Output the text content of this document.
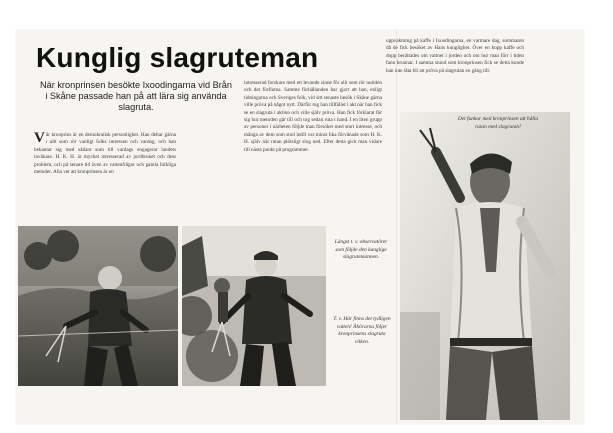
Kunglig slagruteman
När kronprinsen besökte Ixoodingarna vid Brån i Skåne passade han på att lära sig använda slagruta.

Vår kronprins är en demokratisk personlighet. Han deltar gärna i allt som rör vanligt folks intressen och vardag, och han bekantar sig med sådant som till vardags engagerar landets invånare. H. K. H. är mycket intresserad av jordbruket och dess problem, och på senare tid även av vattenfrågor och gamla folkliga metoder. Alla vet att kronprinsen är en

intresserad forskare med ett levande sinne för allt som rör nutiden och det förflutna. Samme förhållanden har gjort att han, enligt tidningarna och Sveriges folk, vid sitt senaste besök i Skåne gärna ville pröva på något nytt. Därför tog han tillfället i akt när han fick se en slagruta i aktion och ville själv pröva. Han fick förklarat för sig hur metoden går till och tog sedan ruta i hand. I en liten grupp av personer i närheten följde man försöket med stort intresse, och många av dem som stod intill var minst lika förvånade som H. K. H. själv när rutan plötsligt slog ned. Efter detta gick man vidare till nästa punkt på programmet.

uppvaktning på kaffe i Ixoodingarna, en varmare dag, sommaren då de fick besöket av Hans kunglighet. Över en kopp kaffe och dopp berättades om vattnet i jorden och om hur man förr i tiden fann brunnar. I samma stund som kronprinsen fick se detta kunde han inte låta bli att pröva på slagrutan en gång till.

Längst t. v. observatörer som följde den kunglige slagrutemannen.
T. v. Här finns det tydligen vatten! Åhörarna följer kronprinsens slagruta vilken.
Det funkar med kronprinsen att hålla rutan med slagrutan!
